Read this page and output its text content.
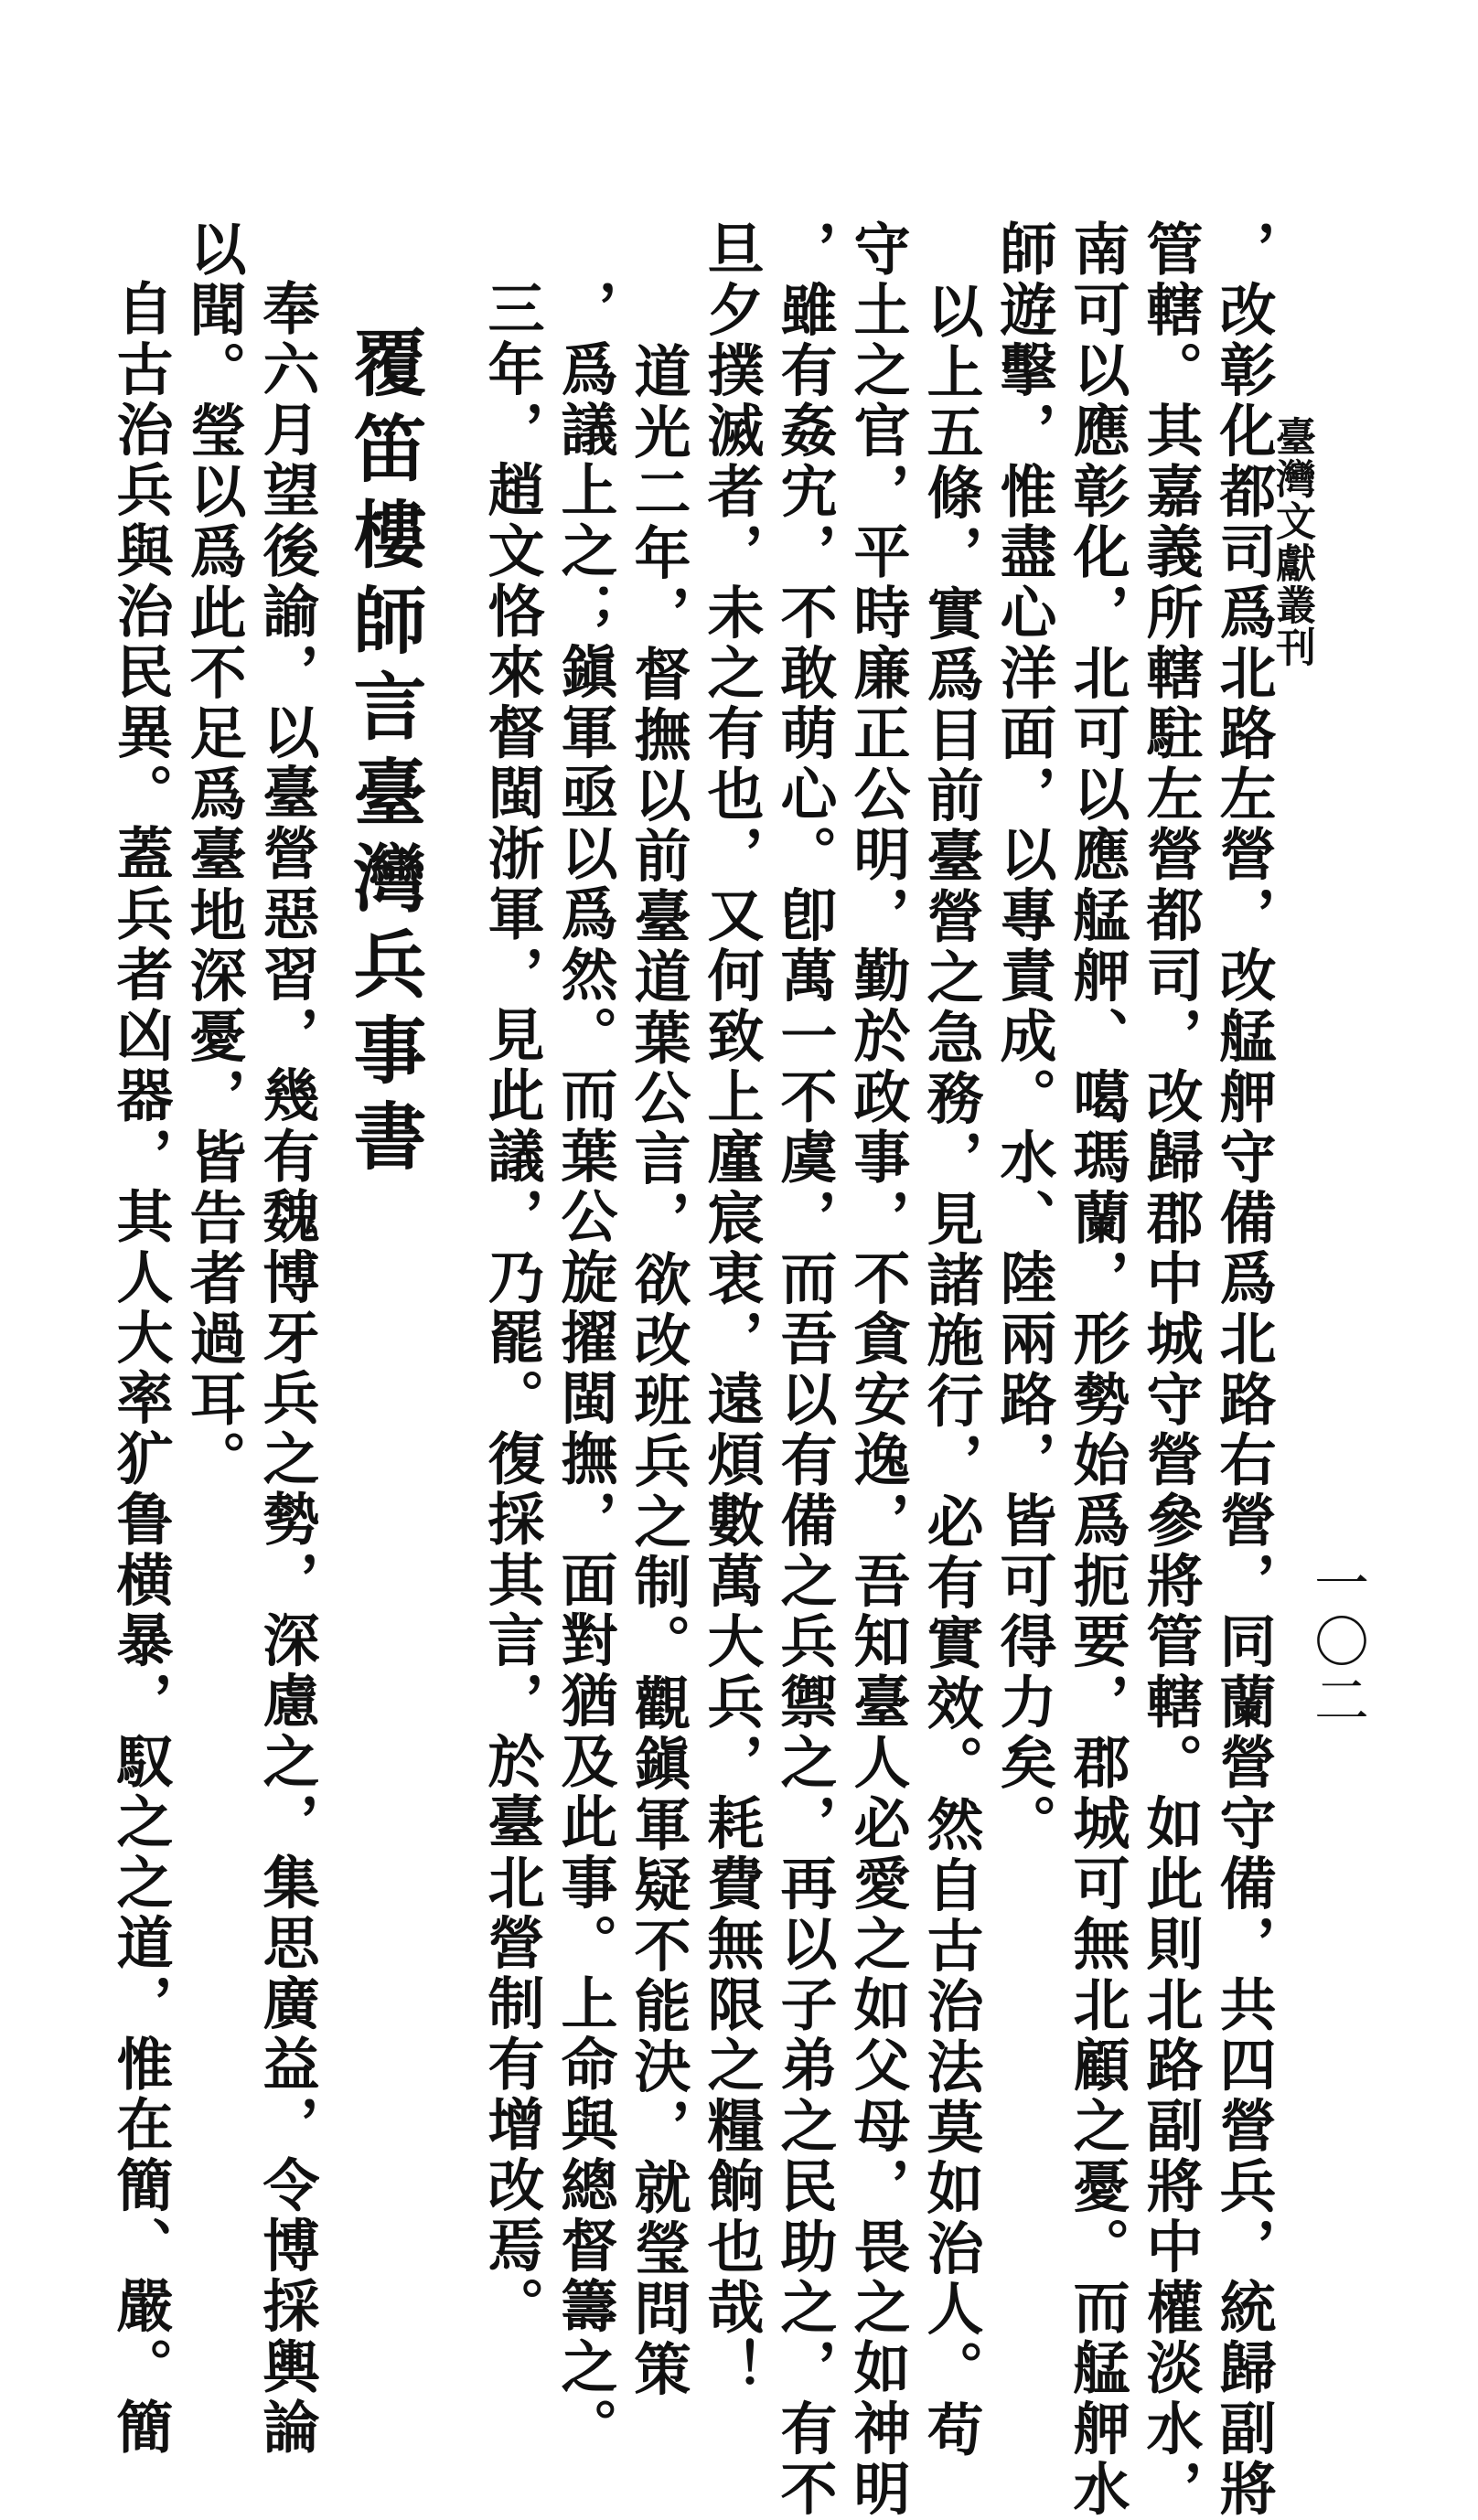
臺灣文獻叢刊
一〇二
，改彰化都司爲北路左營，改艋舺守備爲北路右營，同蘭營守備，共四營兵，統歸副將
管轄。其嘉義所轄駐左營都司，改歸郡中城守營參將管轄。如此則北路副將中權淡水，
南可以應彰化，北可以應艋舺、噶瑪蘭，形勢始爲扼要，郡城可無北顧之憂。而艋舺水
師遊擊，惟盡心洋面，以專責成。水、陸兩路，皆可得力矣。
以上五條，實爲目前臺營之急務，見諸施行，必有實效。然自古治法莫如治人。苟
守土之官，平時廉正公明，勤於政事，不貪安逸，吾知臺人必愛之如父母，畏之如神明
，雖有姦宄，不敢萌心。卽萬一不虞，而吾以有備之兵禦之，再以子弟之民助之，有不
旦夕撲滅者，未之有也，又何致上廑宸衷，遠煩數萬大兵，耗費無限之糧餉也哉！
道光二年，督撫以前臺道葉公言，欲改班兵之制。觀鎭軍疑不能決，就瑩問策
，爲議上之；鎭軍亟以爲然。而葉公旋擢閩撫，面對猶及此事。上命與總督籌之。
三年，趙文恪來督閩浙軍，見此議，乃罷。復採其言，於臺北營制有增改焉。
覆笛樓師言臺灣兵事書
奉六月望後諭，以臺營惡習，幾有魏博牙兵之勢，深慮之，集思廣益，令博採輿論
以聞。瑩以爲此不足爲臺地深憂，皆告者過耳。
自古治兵與治民異。蓋兵者凶器，其人大率犷鲁横暴，馭之之道，惟在簡、嚴。簡
